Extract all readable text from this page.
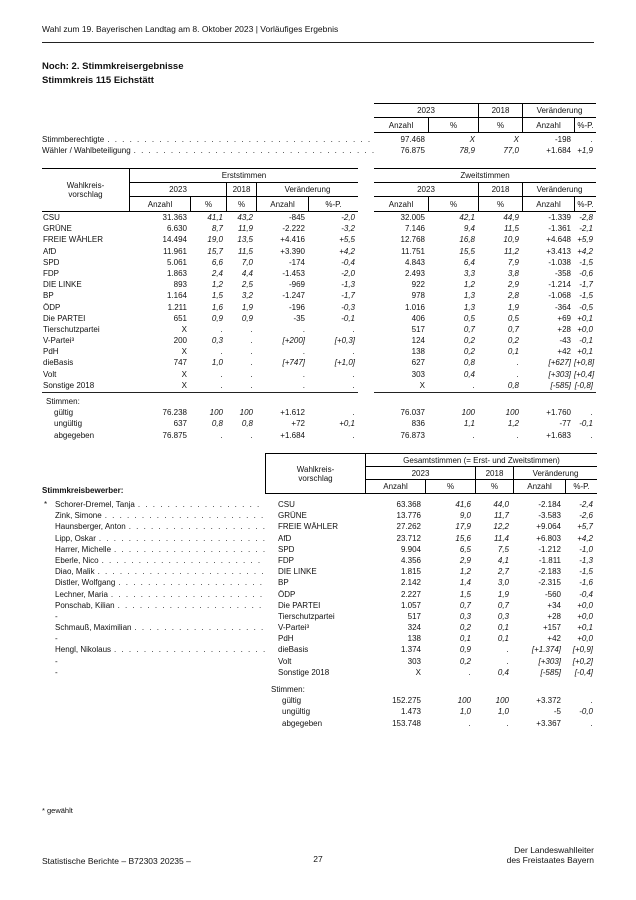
Wahl zum 19. Bayerischen Landtag am 8. Oktober 2023 | Vorläufiges Ergebnis
Noch: 2. Stimmkreisergebnisse
Stimmkreis 115 Eichstätt
2023	2018	Veränderung
Anzahl	%	%	Anzahl	%-P.
Stimmberechtigte . . .	97.468	X	X	-198	.
Wähler / Wahlbeteiligung . . .	76.875	78,9	77,0	+1.684 +1,9
Wahlkreis-
vorschlag
Erststimmen
2023	2018	Veränderung
Anzahl	%	%	Anzahl	%-P.
Zweitstimmen
2023	2018	Veränderung
Anzahl	%	%	Anzahl	%-P.
CSU	31.363	41,1	43,2	-845	-2,0	32.005	42,1	44,9	-1.339	-2,8
GRÜNE	6.630	8,7	11,9	-2.222	-3,2	7.146	9,4	11,5	-1.361	-2,1
FREIE WÄHLER	14.494	19,0	13,5	+4.416	+5,5	12.768	16,8	10,9	+4.648 +5,9
AfD	11.961	15,7	11,5	+3.390	+4,2	11.751	15,5	11,2	+3.413 +4,2
SPD	5.061	6,6	7,0	-174	-0,4	4.843	6,4	7,9	-1.038	-1,5
FDP	1.863	2,4	4,4	-1.453	-2,0	2.493	3,3	3,8	-358	-0,6
DIE LINKE	893	1,2	2,5	-969	-1,3	922	1,2	2,9	-1.214	-1,7
BP	1.164	1,5	3,2	-1.247	-1,7	978	1,3	2,8	-1.068	-1,5
ÖDP	1.211	1,6	1,9	-196	-0,3	1.016	1,3	1,9	-364	-0,5
Die PARTEI	651	0,9	0,9	-35	-0,1	406	0,5	0,5	+69 +0,1
Tierschutzpartei	X	.	.	.	.	517	0,7	0,7	+28 +0,0
V-Partei³	200	0,3	.	[+200]	[+0,3]	124	0,2	0,2	-43	-0,1
PdH	X	.	.	.	.	138	0,2	0,1	+42 +0,1
dieBasis	747	1,0	.	[+747]	[+1,0]	627	0,8	.	[+627] [+0,8]
Volt	X	.	.	.	.	303	0,4	.	[+303] [+0,4]
Sonstige 2018	X	.	.	.	.	X	.	0,8	[-585] [-0,8]
Stimmen:
gültig	76.238	100	100	+1.612	.	76.037	100	100	+1.760	.
ungültig	637	0,8	0,8	+72	+0,1	836	1,1	1,2	-77	-0,1
abgegeben	76.875	.	.	+1.684	.	76.873	.	.	+1.683	.
Wahlkreis-
vorschlag
Gesamtstimmen (= Erst- und Zweitstimmen)
2023	2018	Veränderung
Anzahl	%	%	Anzahl	%-P.
Stimmkreisbewerber:
* Schorer-Dremel, Tanja . . .	CSU	63.368	41,6	44,0	-2.184	-2,4
Zink, Simone . . .	GRÜNE	13.776	9,0	11,7	-3.583	-2,6
Haunsberger, Anton . . .	FREIE WÄHLER	27.262	17,9	12,2	+9.064	+5,7
Lipp, Oskar . . .	AfD	23.712	15,6	11,4	+6.803	+4,2
Harrer, Michelle . . .	SPD	9.904	6,5	7,5	-1.212	-1,0
Eberle, Nico . . .	FDP	4.356	2,9	4,1	-1.811	-1,3
Diao, Malik . . .	DIE LINKE	1.815	1,2	2,7	-2.183	-1,5
Distler, Wolfgang . . .	BP	2.142	1,4	3,0	-2.315	-1,6
Lechner, Maria . . .	ÖDP	2.227	1,5	1,9	-560	-0,4
Ponschab, Kilian . . .	Die PARTEI	1.057	0,7	0,7	+34	+0,0
-	Tierschutzpartei	517	0,3	0,3	+28	+0,0
Schmauß, Maximilian . . .	V-Partei³	324	0,2	0,1	+157	+0,1
-	PdH	138	0,1	0,1	+42	+0,0
Hengl, Nikolaus . . .	dieBasis	1.374	0,9	.	[+1.374]	[+0,9]
-	Volt	303	0,2	.	[+303]	[+0,2]
-	Sonstige 2018	X	.	0,4	[-585]	[-0,4]
Stimmen:
gültig	152.275	100	100	+3.372	.
ungültig	1.473	1,0	1,0	-5	-0,0
abgegeben	153.748	.	.	+3.367	.
* gewählt
Statistische Berichte – B72303 20235 –	27
Der Landeswahlleiter
des Freistaates Bayern
